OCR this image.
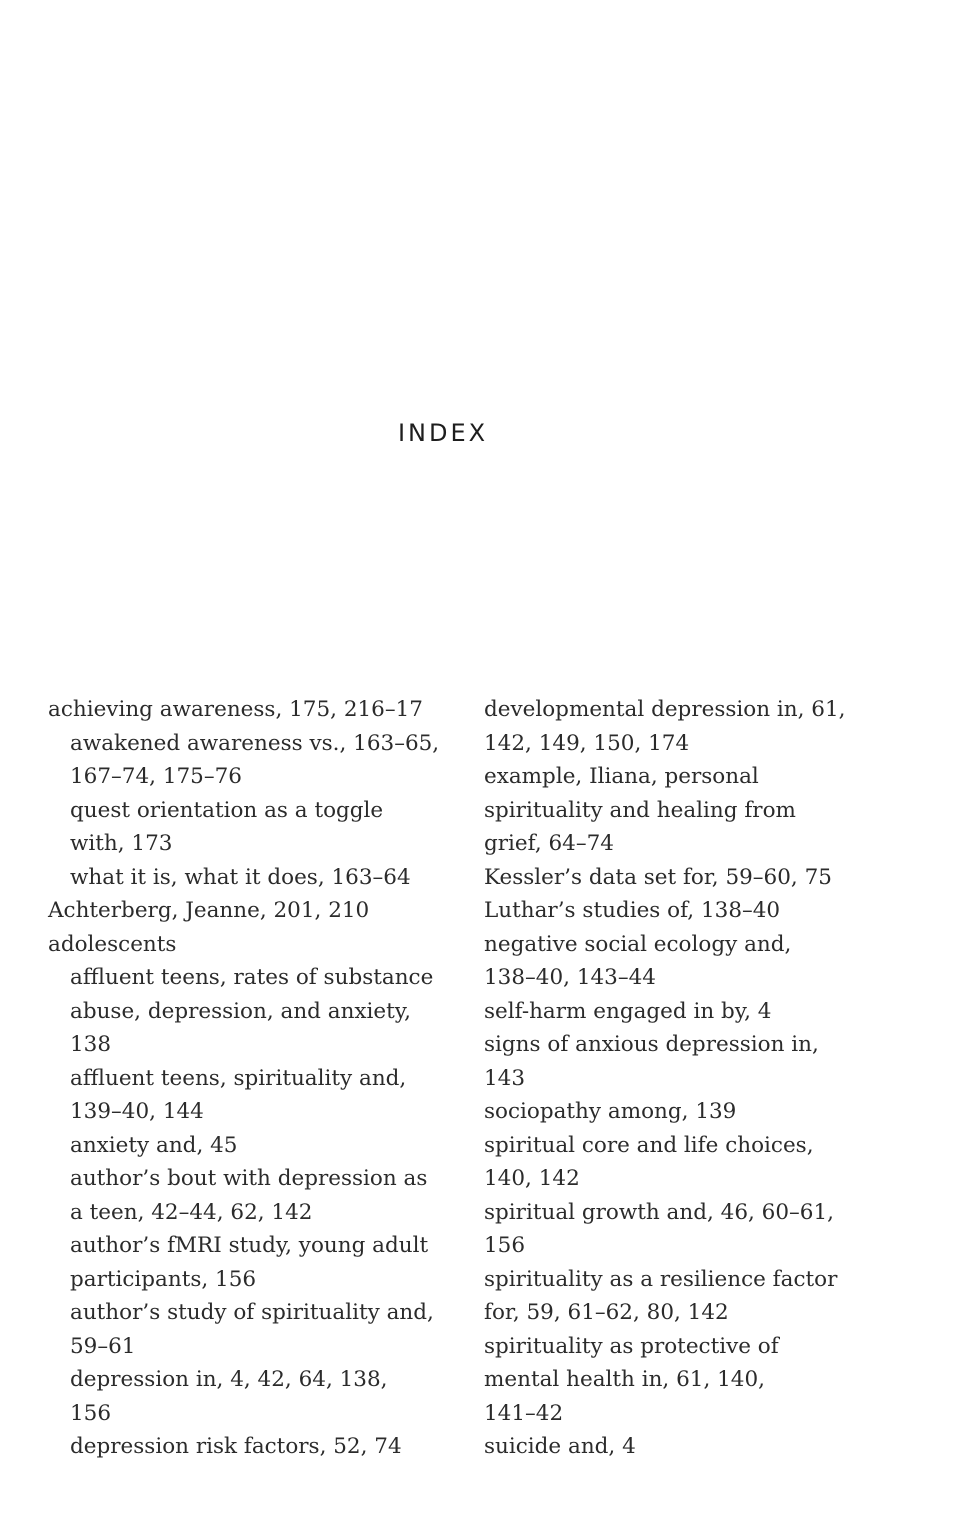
INDEX
achieving awareness, 175, 216–17
awakened awareness vs., 163–65,
167–74, 175–76
quest orientation as a toggle
with, 173
what it is, what it does, 163–64
Achterberg, Jeanne, 201, 210
adolescents
affluent teens, rates of substance
abuse, depression, and anxiety,
138
affluent teens, spirituality and,
139–40, 144
anxiety and, 45
author’s bout with depression as
a teen, 42–44, 62, 142
author’s fMRI study, young adult
participants, 156
author’s study of spirituality and,
59–61
depression in, 4, 42, 64, 138,
156
depression risk factors, 52, 74
developmental depression in, 61,
142, 149, 150, 174
example, Iliana, personal
spirituality and healing from
grief, 64–74
Kessler’s data set for, 59–60, 75
Luthar’s studies of, 138–40
negative social ecology and,
138–40, 143–44
self-harm engaged in by, 4
signs of anxious depression in,
143
sociopathy among, 139
spiritual core and life choices,
140, 142
spiritual growth and, 46, 60–61,
156
spirituality as a resilience factor
for, 59, 61–62, 80, 142
spirituality as protective of
mental health in, 61, 140,
141–42
suicide and, 4
